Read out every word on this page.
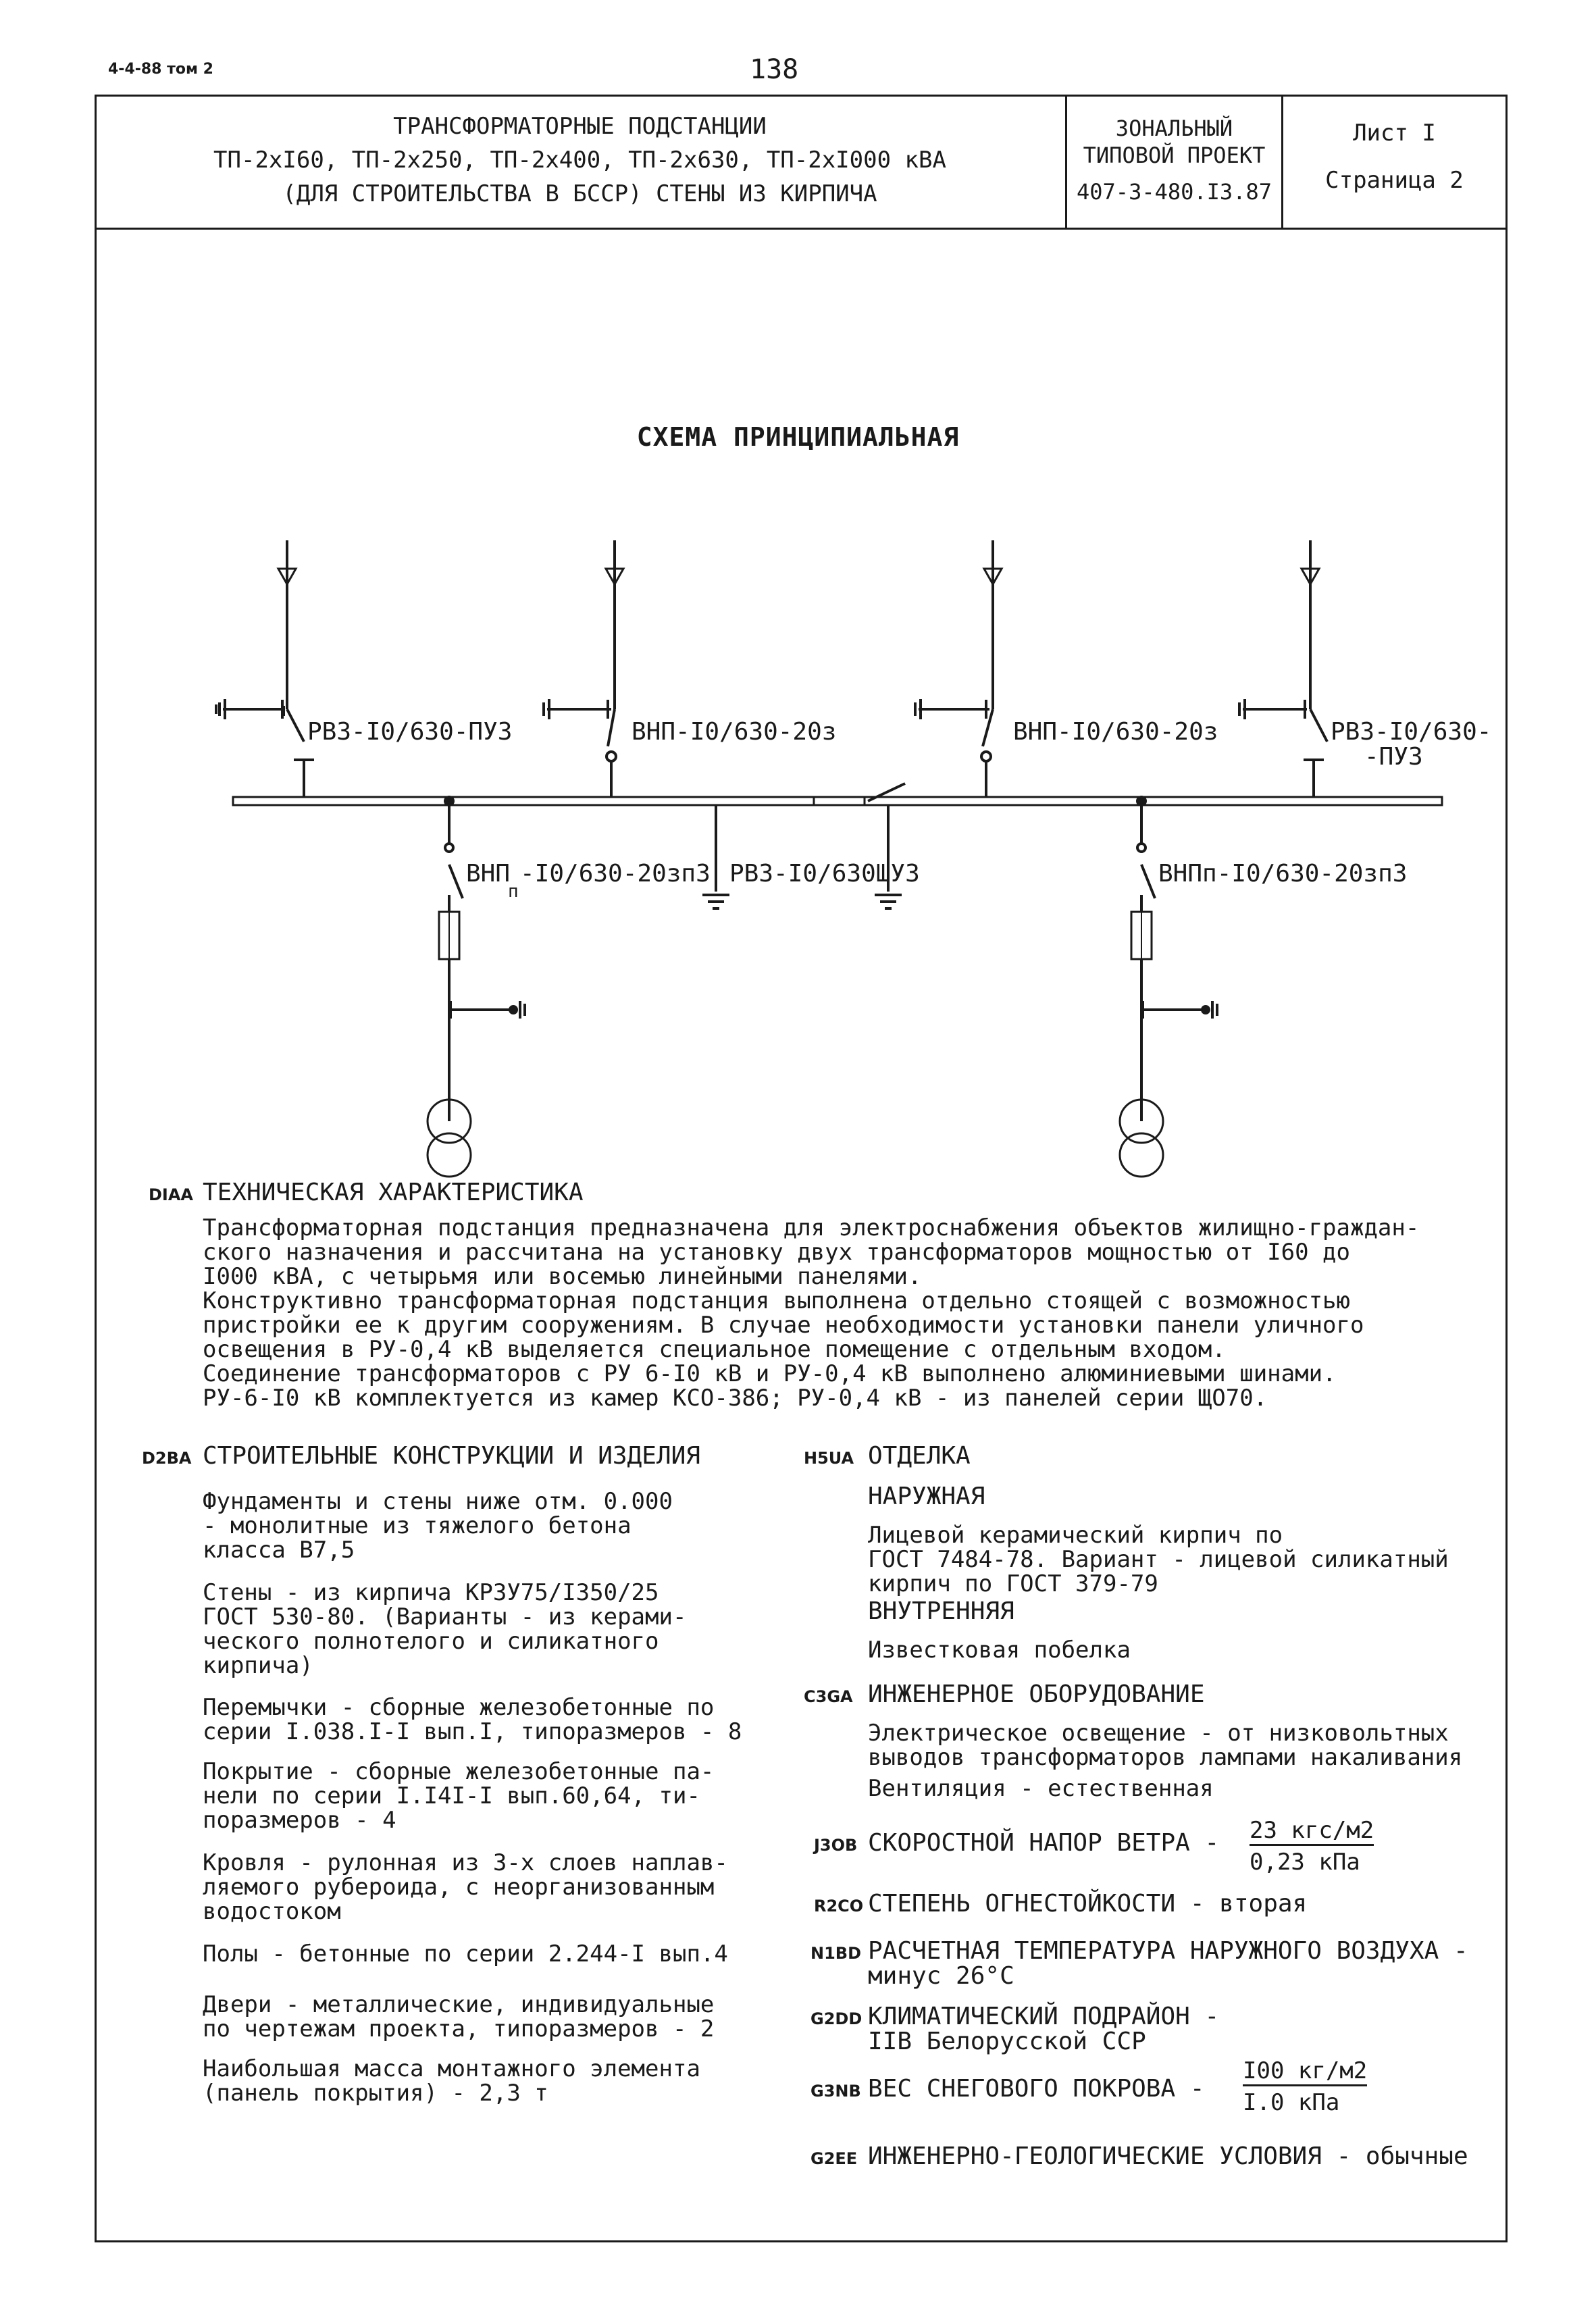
4-4-88 том 2	138
ТРАНСФОРМАТОРНЫЕ ПОДСТАНЦИИ
ТП-2хI60, ТП-2х250, ТП-2х400, ТП-2х630, ТП-2хI000 кВА
(ДЛЯ СТРОИТЕЛЬСТВА В БССР) СТЕНЫ ИЗ КИРПИЧА
ЗОНАЛЬНЫЙ
ТИПОВОЙ ПРОЕКТ
407-3-480.I3.87
Лист I
Страница 2
СХЕМА ПРИНЦИПИАЛЬНАЯ
РВЗ-I0/630-ПУЗ	ВНП-I0/630-20з	ВНП-I0/630-20з	РВЗ-I0/630-
-ПУЗ
ВНП
п
-I0/630-20зп3 РВЗ-I0/630ШУЗ	ВНПп-I0/630-20зп3
DIAA ТЕХНИЧЕСКАЯ ХАРАКТЕРИСТИКА
Трансформаторная подстанция предназначена для электроснабжения объектов жилищно-граждан-
ского назначения и рассчитана на установку двух трансформаторов мощностью от I60 до
I000 кВА, с четырьмя или восемью линейными панелями.
Конструктивно трансформаторная подстанция выполнена отдельно стоящей с возможностью
пристройки ее к другим сооружениям. В случае необходимости установки панели уличного
освещения в РУ-0,4 кВ выделяется специальное помещение с отдельным входом.
Соединение трансформаторов с РУ 6-I0 кВ и РУ-0,4 кВ выполнено алюминиевыми шинами.
РУ-6-I0 кВ комплектуется из камер КСО-386; РУ-0,4 кВ - из панелей серии ЩО70.
D2BA СТРОИТЕЛЬНЫЕ КОНСТРУКЦИИ И ИЗДЕЛИЯ
Фундаменты и стены ниже отм. 0.000
- монолитные из тяжелого бетона
класса В7,5
Стены - из кирпича КРЗУ75/I350/25
ГОСТ 530-80. (Варианты - из керами-
ческого полнотелого и силикатного
кирпича)
Перемычки - сборные железобетонные по
серии I.038.I-I вып.I, типоразмеров - 8
Покрытие - сборные железобетонные па-
нели по серии I.I4I-I вып.60,64, ти-
поразмеров - 4
Кровля - рулонная из 3-х слоев наплав-
ляемого рубероида, с неорганизованным
водостоком
Полы - бетонные по серии 2.244-I вып.4
Двери - металлические, индивидуальные
по чертежам проекта, типоразмеров - 2
Наибольшая масса монтажного элемента
(панель покрытия) - 2,3 т
H5UA ОТДЕЛКА
НАРУЖНАЯ
Лицевой керамический кирпич по
ГОСТ 7484-78. Вариант - лицевой силикатный
кирпич по ГОСТ 379-79
ВНУТРЕННЯЯ
Известковая побелка
C3GA ИНЖЕНЕРНОЕ ОБОРУДОВАНИЕ
Электрическое освещение - от низковольтных
выводов трансформаторов лампами накаливания
Вентиляция - естественная
J3OB СКОРОСТНОЙ НАПОР ВЕТРА - 23 кгс/м2
0,23 кПа
R2CO СТЕПЕНЬ ОГНЕСТОЙКОСТИ - вторая
N1BD РАСЧЕТНАЯ ТЕМПЕРАТУРА НАРУЖНОГО ВОЗДУХА -
минус 26°С
G2DD КЛИМАТИЧЕСКИЙ ПОДРАЙОН -
IIВ Белорусской ССР
G3NB ВЕС СНЕГОВОГО ПОКРОВА -
I00 кг/м2
I.0 кПа
G2EE ИНЖЕНЕРНО-ГЕОЛОГИЧЕСКИЕ УСЛОВИЯ - обычные
